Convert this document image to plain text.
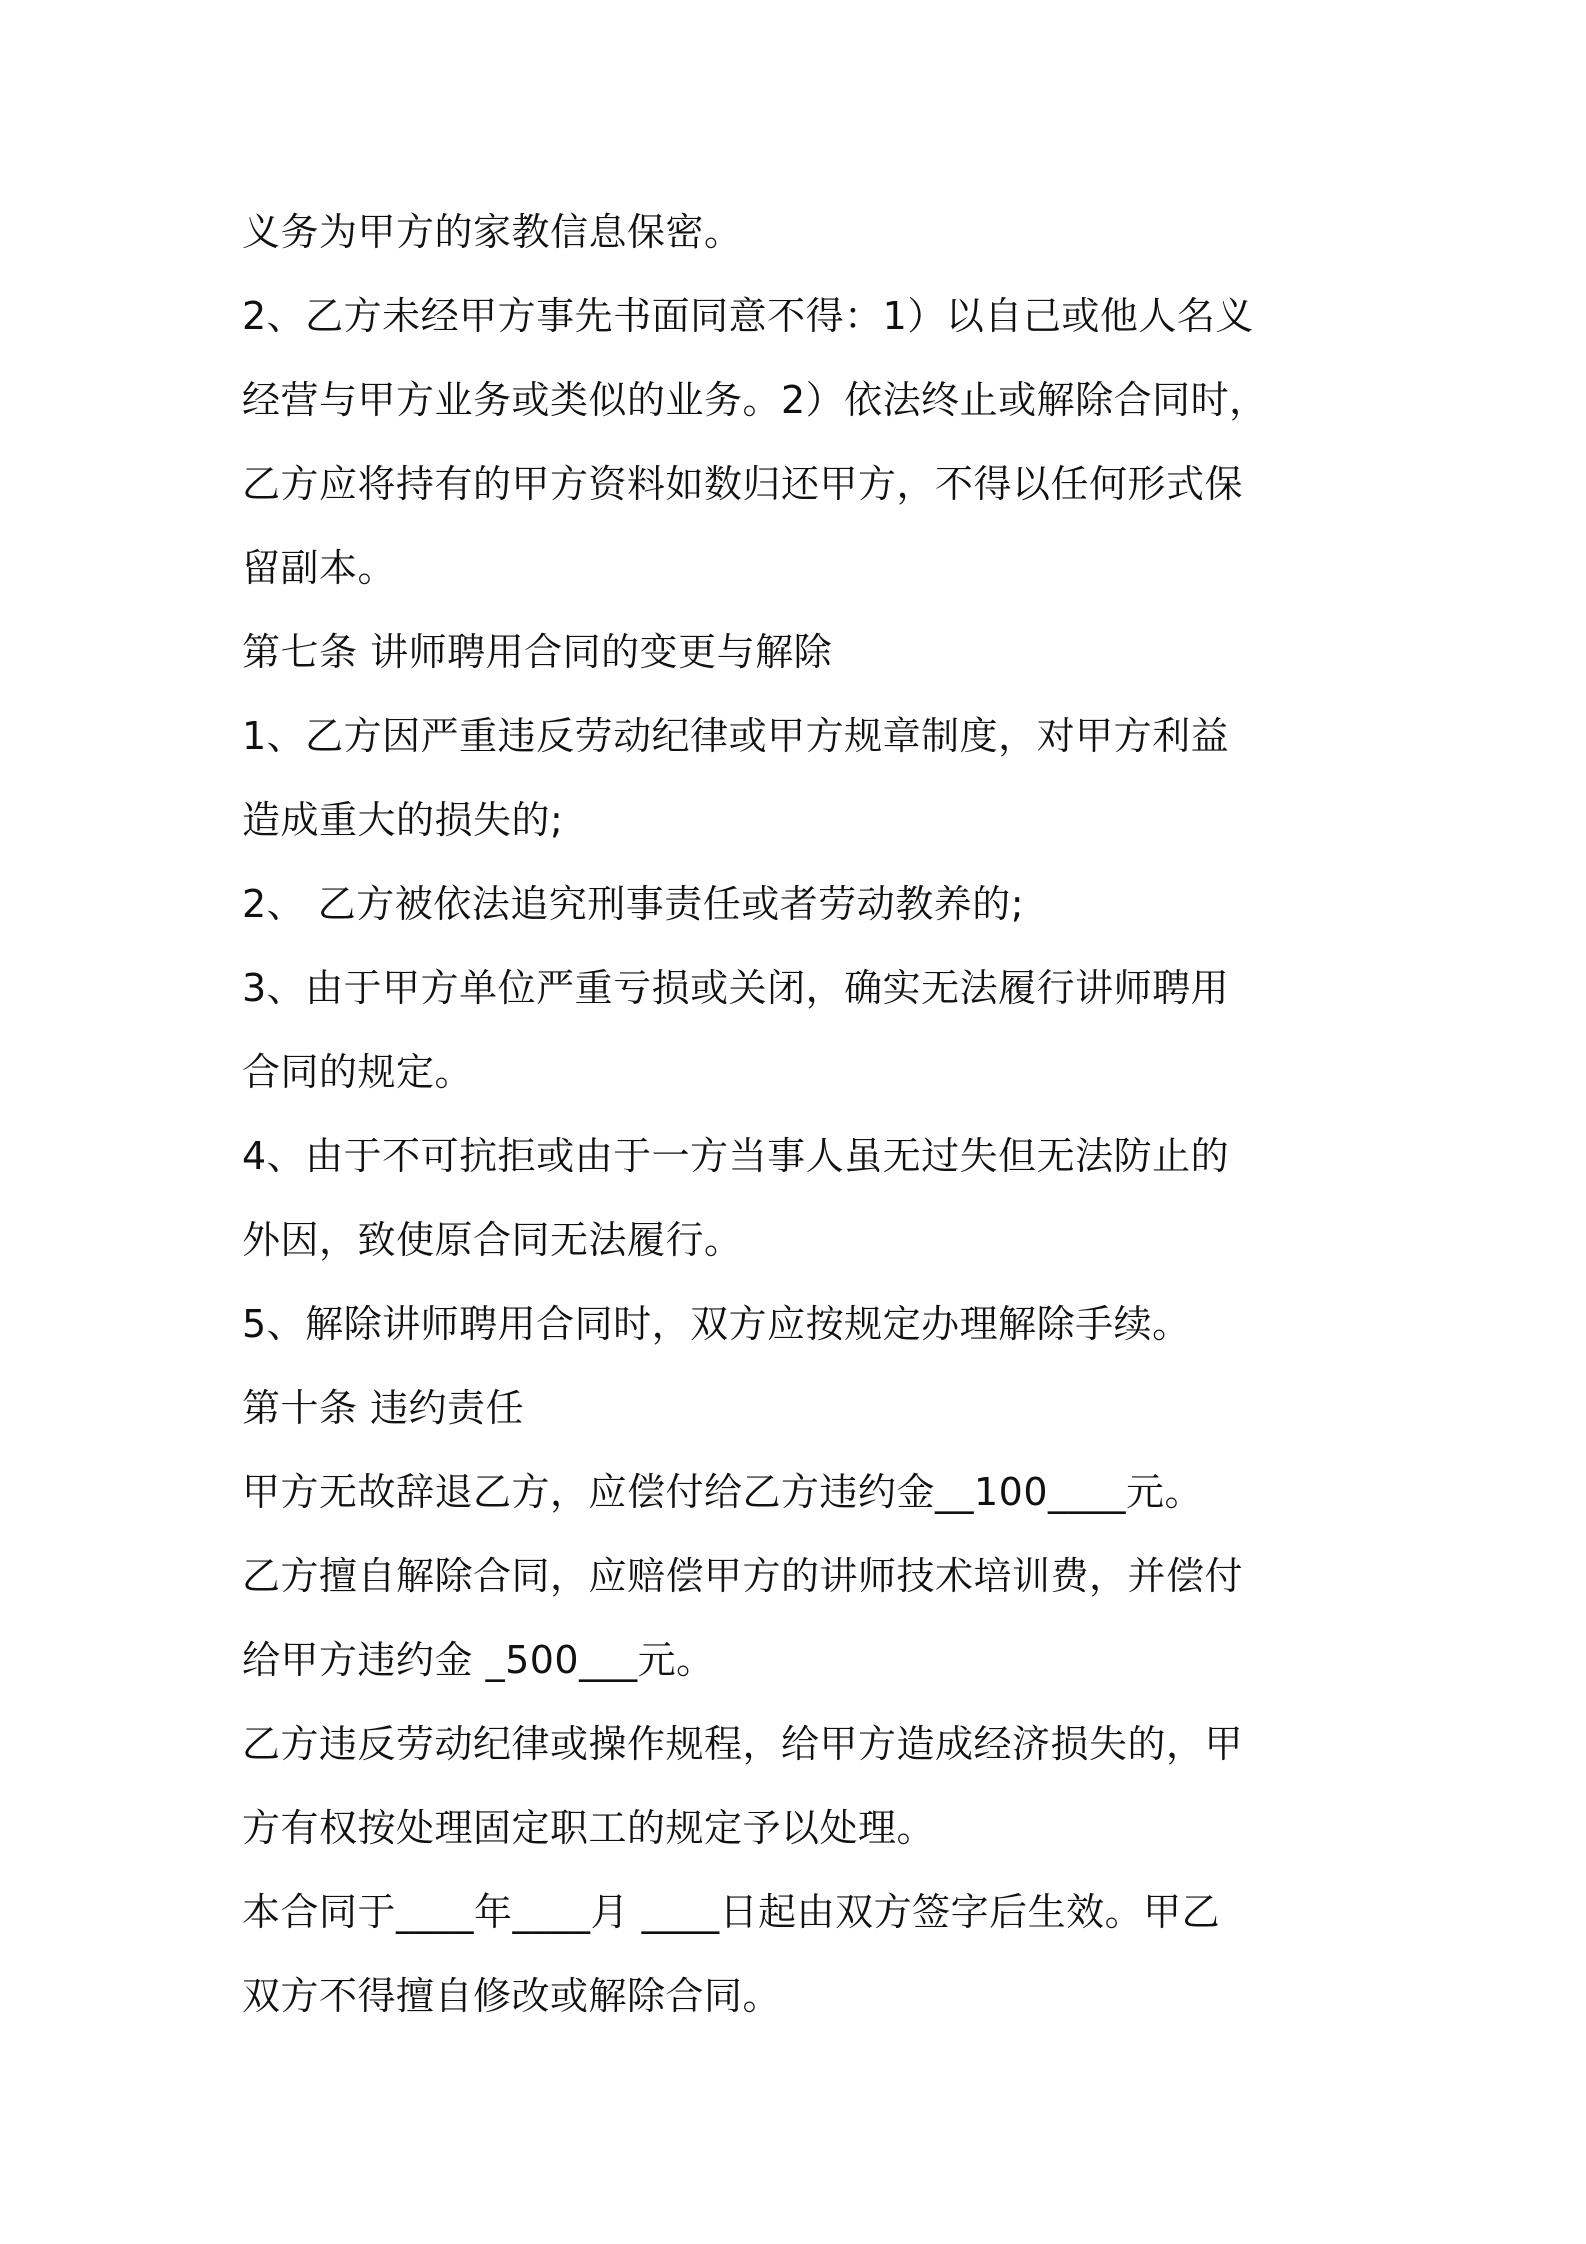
义务为甲方的家教信息保密。

2、乙方未经甲方事先书面同意不得：1）以自己或他人名义

经营与甲方业务或类似的业务。2）依法终止或解除合同时，

乙方应将持有的甲方资料如数归还甲方，不得以任何形式保

留副本。

第七条 讲师聘用合同的变更与解除

1、乙方因严重违反劳动纪律或甲方规章制度，对甲方利益

造成重大的损失的;

2、 乙方被依法追究刑事责任或者劳动教养的;

3、由于甲方单位严重亏损或关闭，确实无法履行讲师聘用

合同的规定。

4、由于不可抗拒或由于一方当事人虽无过失但无法防止的

外因，致使原合同无法履行。

5、解除讲师聘用合同时，双方应按规定办理解除手续。

第十条 违约责任

甲方无故辞退乙方，应偿付给乙方违约金__100____元。

乙方擅自解除合同，应赔偿甲方的讲师技术培训费，并偿付

给甲方违约金 _500___元。

乙方违反劳动纪律或操作规程，给甲方造成经济损失的，甲

方有权按处理固定职工的规定予以处理。

本合同于____年____月 ____日起由双方签字后生效。甲乙

双方不得擅自修改或解除合同。
